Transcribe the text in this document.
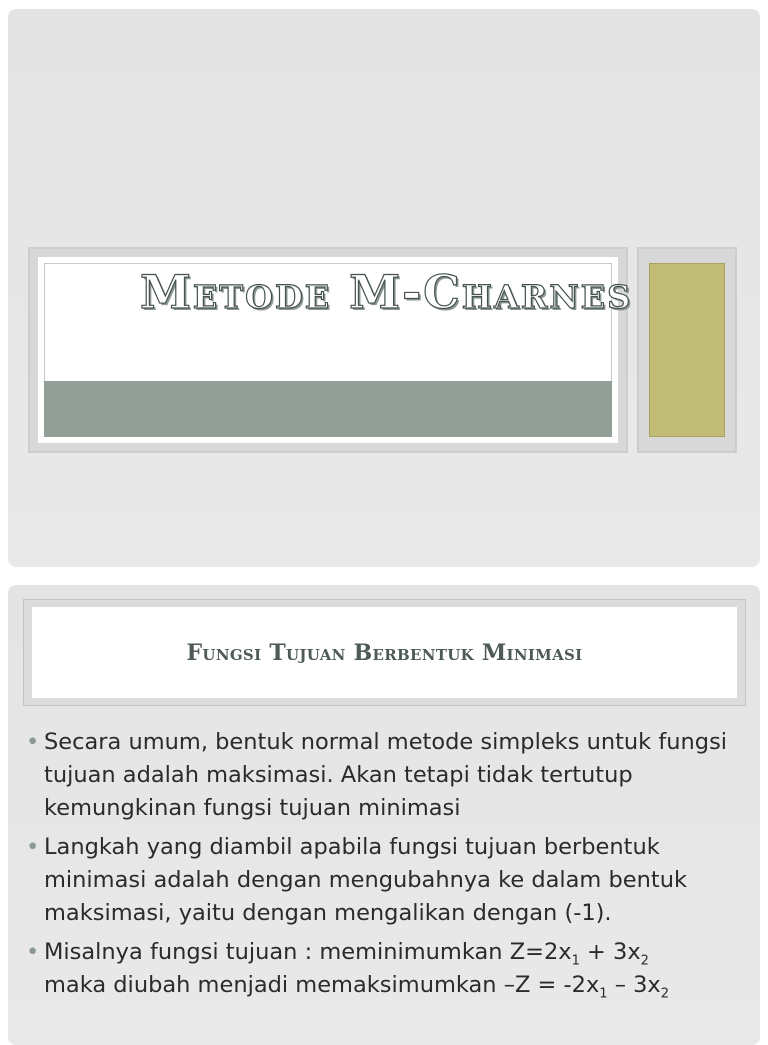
Metode M-Charnes
Fungsi Tujuan Berbentuk Minimasi
• Secara umum, bentuk normal metode simpleks untuk fungsi tujuan adalah maksimasi. Akan tetapi tidak tertutup kemungkinan fungsi tujuan minimasi
• Langkah yang diambil apabila fungsi tujuan berbentuk minimasi adalah dengan mengubahnya ke dalam bentuk maksimasi, yaitu dengan mengalikan dengan (-1).
• Misalnya fungsi tujuan : meminimumkan $Z=2x_1 + 3x_2$
maka diubah menjadi memaksimumkan $-Z = -2x_1 - 3x_2$
